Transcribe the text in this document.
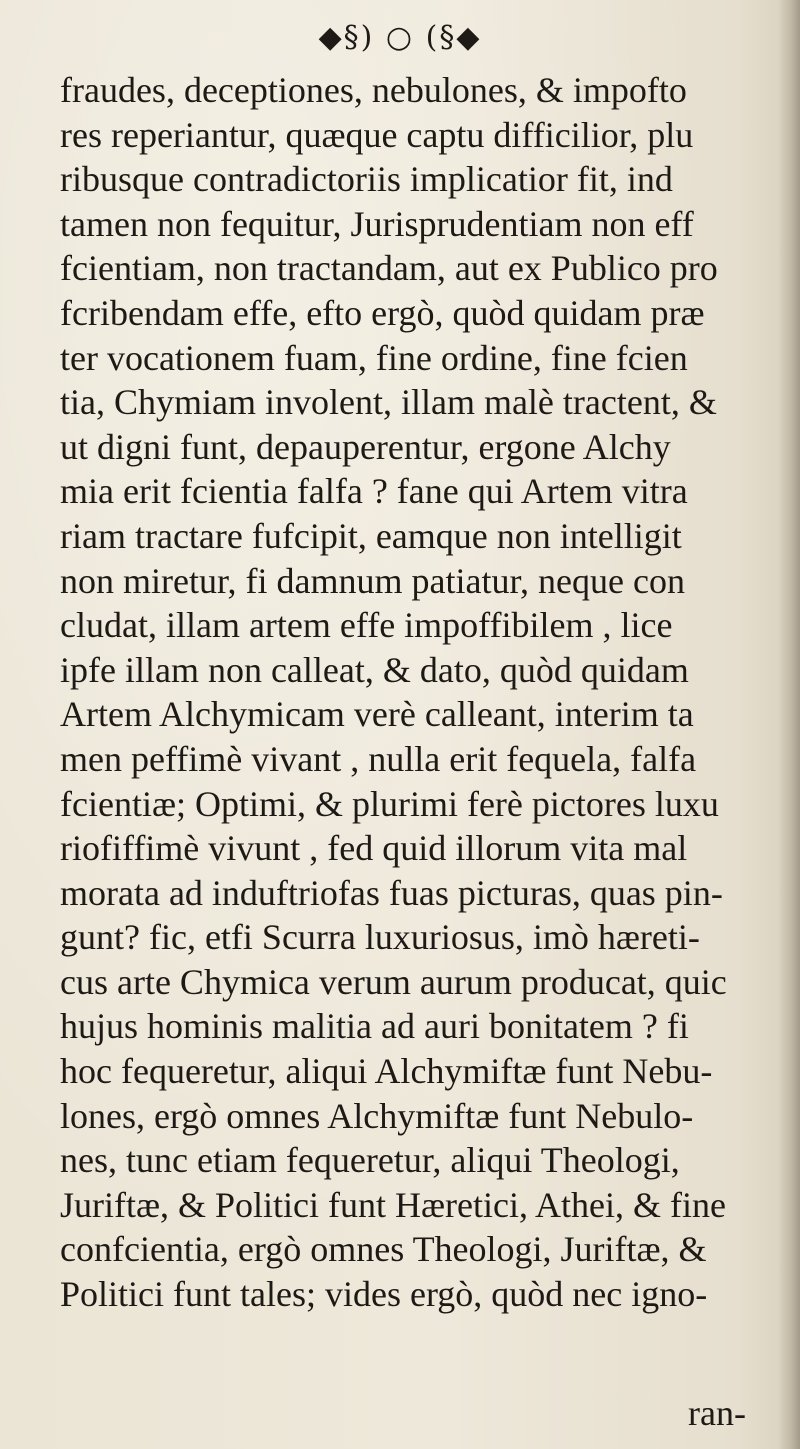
◆§) ○ (§◆
fraudes, deceptiones, nebulones, & impofto
res reperiantur, quæque captu difficilior, plu
ribusque contradictoriis implicatior fit, ind
tamen non fequitur, Jurisprudentiam non eff
fcientiam, non tractandam, aut ex Publico pro
fcribendam effe, efto ergò, quòd quidam præ
ter vocationem fuam, fine ordine, fine fcien
tia, Chymiam involent, illam malè tractent, &
ut digni funt, depauperentur, ergone Alchy
mia erit fcientia falfa ? fane qui Artem vitra
riam tractare fufcipit, eamque non intelligit
non miretur, fi damnum patiatur, neque con
cludat, illam artem effe impoffibilem , lice
ipfe illam non calleat, & dato, quòd quidam
Artem Alchymicam verè calleant, interim ta
men peffimè vivant , nulla erit fequela, falfa
fcientiæ; Optimi, & plurimi ferè pictores luxu
riofiffimè vivunt , fed quid illorum vita mal
morata ad induftriofas fuas picturas, quas pin-
gunt? fic, etfi Scurra luxuriosus, imò hæreti-
cus arte Chymica verum aurum producat, quic
hujus hominis malitia ad auri bonitatem ? fi
hoc fequeretur, aliqui Alchymiftæ funt Nebu-
lones, ergò omnes Alchymiftæ funt Nebulo-
nes, tunc etiam fequeretur, aliqui Theologi,
Juriftæ, & Politici funt Hæretici, Athei, & fine
confcientia, ergò omnes Theologi, Juriftæ, &
Politici funt tales; vides ergò, quòd nec igno-
ran-
